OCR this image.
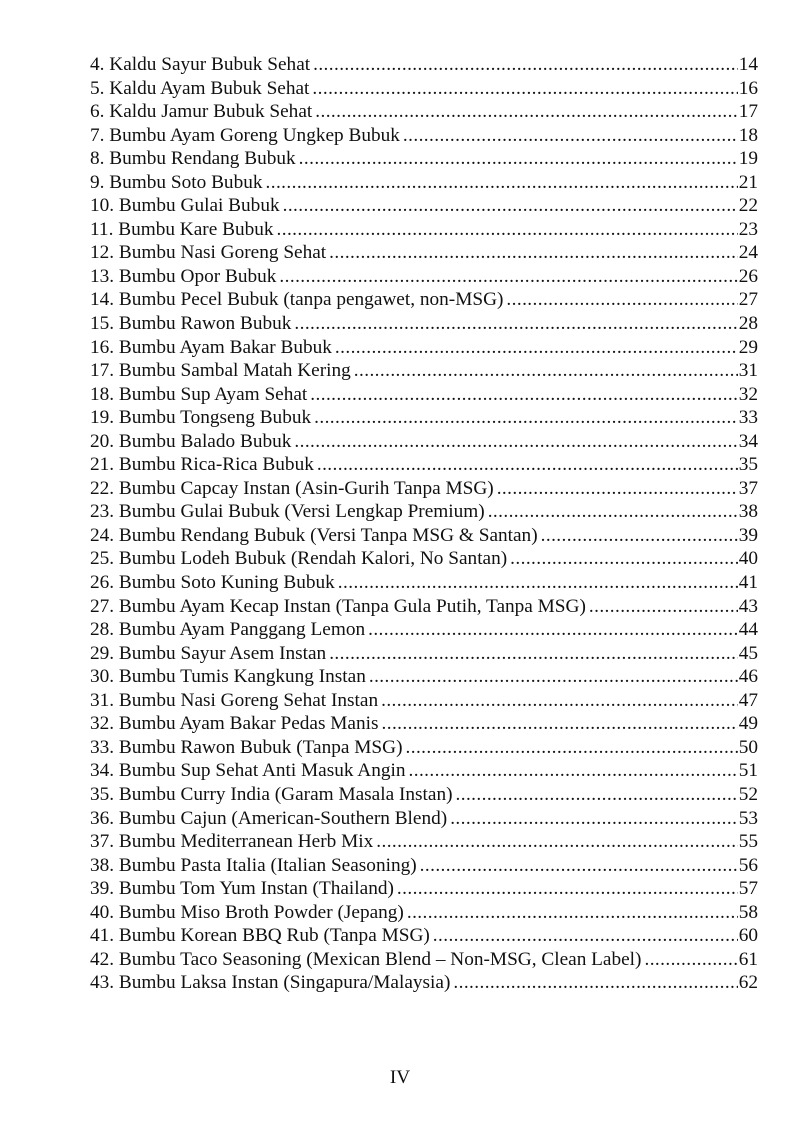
4. Kaldu Sayur Bubuk Sehat .....	14
5. Kaldu Ayam Bubuk Sehat .....	16
6. Kaldu Jamur Bubuk Sehat .....	17
7. Bumbu Ayam Goreng Ungkep Bubuk .....	18
8. Bumbu Rendang Bubuk .....	19
9. Bumbu Soto Bubuk .....	21
10. Bumbu Gulai Bubuk .....	22
11. Bumbu Kare Bubuk .....	23
12. Bumbu Nasi Goreng Sehat .....	24
13. Bumbu Opor Bubuk .....	26
14. Bumbu Pecel Bubuk (tanpa pengawet, non-MSG) .....	27
15. Bumbu Rawon Bubuk .....	28
16. Bumbu Ayam Bakar Bubuk .....	29
17. Bumbu Sambal Matah Kering .....	31
18. Bumbu Sup Ayam Sehat .....	32
19. Bumbu Tongseng Bubuk .....	33
20. Bumbu Balado Bubuk .....	34
21. Bumbu Rica-Rica Bubuk .....	35
22. Bumbu Capcay Instan (Asin-Gurih Tanpa MSG) .....	37
23. Bumbu Gulai Bubuk (Versi Lengkap Premium) .....	38
24. Bumbu Rendang Bubuk (Versi Tanpa MSG & Santan) .....	39
25. Bumbu Lodeh Bubuk (Rendah Kalori, No Santan) .....	40
26. Bumbu Soto Kuning Bubuk .....	41
27. Bumbu Ayam Kecap Instan (Tanpa Gula Putih, Tanpa MSG) .....	43
28. Bumbu Ayam Panggang Lemon .....	44
29. Bumbu Sayur Asem Instan .....	45
30. Bumbu Tumis Kangkung Instan .....	46
31. Bumbu Nasi Goreng Sehat Instan .....	47
32. Bumbu Ayam Bakar Pedas Manis .....	49
33. Bumbu Rawon Bubuk (Tanpa MSG) .....	50
34. Bumbu Sup Sehat Anti Masuk Angin .....	51
35. Bumbu Curry India (Garam Masala Instan) .....	52
36. Bumbu Cajun (American-Southern Blend) .....	53
37. Bumbu Mediterranean Herb Mix .....	55
38. Bumbu Pasta Italia (Italian Seasoning) .....	56
39. Bumbu Tom Yum Instan (Thailand) .....	57
40. Bumbu Miso Broth Powder (Jepang) .....	58
41. Bumbu Korean BBQ Rub (Tanpa MSG) .....	60
42. Bumbu Taco Seasoning (Mexican Blend – Non-MSG, Clean Label) .....	61
43. Bumbu Laksa Instan (Singapura/Malaysia) .....	62
IV
